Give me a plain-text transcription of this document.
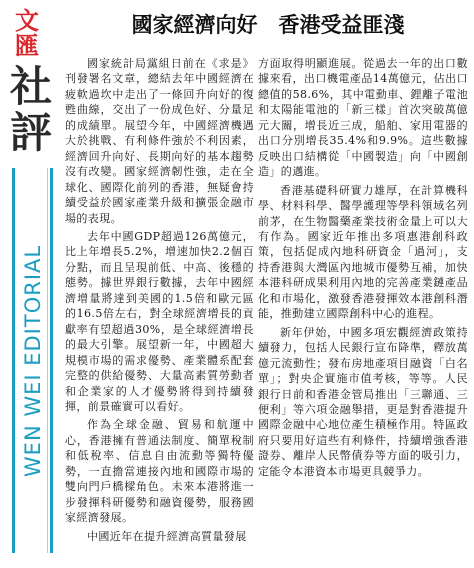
文匯
社評
WEN WEI EDITORIAL
國家經濟向好　香港受益匪淺

國家統計局黨組日前在《求是》刊發署名文章，總結去年中國經濟在疲軟過坎中走出了一條回升向好的復甦曲線，交出了一份成色好、分量足的成績單。展望今年，中國經濟機遇大於挑戰、有利條件強於不利因素，經濟回升向好、長期向好的基本趨勢沒有改變。國家經濟韌性強，走在全球化、國際化前列的香港，無疑會持續受益於國家產業升級和擴張金融市場的表現。

去年中國GDP超過126萬億元，比上年增長5.2%，增速加快2.2個百分點，而且呈現前低、中高、後穩的態勢。據世界銀行數據，去年中國經濟增量將達到美國的1.5倍和歐元區的16.5倍左右，對全球經濟增長的貢獻率有望超過30%，是全球經濟增長的最大引擎。展望新一年，中國超大規模市場的需求優勢、產業體系配套完整的供給優勢、大量高素質勞動者和企業家的人才優勢將得到持續發揮，前景確實可以看好。

作為全球金融、貿易和航運中心，香港擁有普通法制度、簡單稅制和低稅率、信息自由流動等獨特優勢，一直擔當連接內地和國際市場的雙向門戶橋樑角色。未來本港將進一步發揮科研優勢和融資優勢，服務國家經濟發展。

中國近年在提升經濟高質量發展

方面取得明顯進展。從過去一年的出口數據來看，出口機電產品14萬億元，佔出口總值的58.6%，其中電動車、鋰離子電池和太陽能電池的「新三樣」首次突破萬億元大關，增長近三成，船舶、家用電器的出口分別增長35.4%和9.9%。這些數據反映出口結構從「中國製造」向「中國創造」的邁進。

香港基礎科研實力雄厚，在計算機科學、材料科學、醫學護理等學科領域名列前茅，在生物醫藥產業技術金量上可以大有作為。國家近年推出多項惠港創科政策，包括促成內地科研資金「過河」，支持香港與大灣區內地城市優勢互補，加快本港科研成果利用內地的完善產業鏈產品化和市場化，激發香港發揮效本港創科潛能，推動建立國際創科中心的進程。

新年伊始，中國多項宏觀經濟政策持續發力，包括人民銀行宣布降準，釋放萬億元流動性；發布房地產項目融資「白名單」；對央企實施市值考核，等等。人民銀行日前和香港金管局推出「三聯通、三便利」等六項金融舉措，更是對香港提升國際金融中心地位產生積極作用。特區政府只要用好這些有利條件，持續增強香港證券、離岸人民幣債券等方面的吸引力，定能令本港資本市場更具競爭力。
